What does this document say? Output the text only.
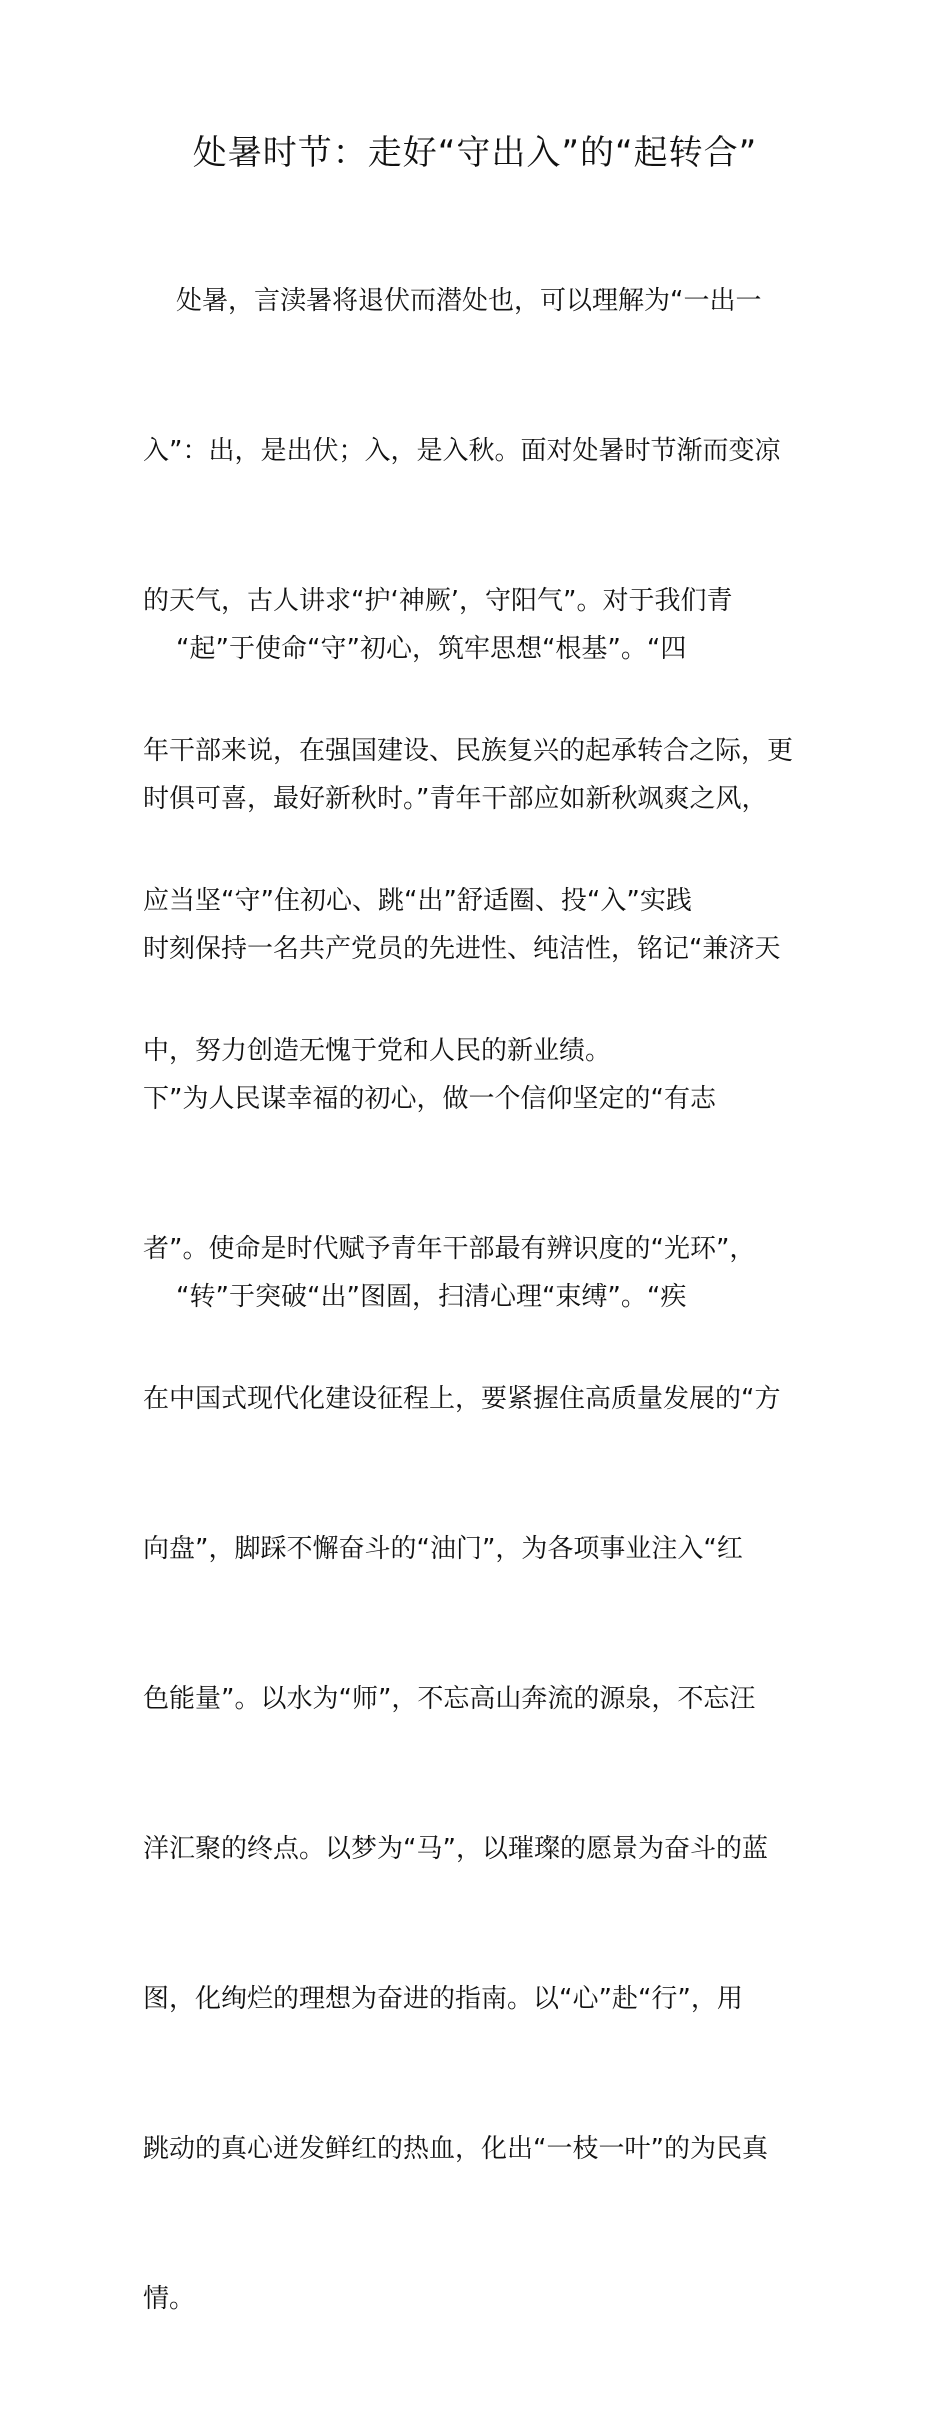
处暑时节：走好“守出入”的“起转合”

处暑，言渎暑将退伏而潜处也，可以理解为“一出一

入”：出，是出伏；入，是入秋。面对处暑时节渐而变凉

的天气，古人讲求“护‘神厥’，守阳气”。对于我们青

年干部来说，在强国建设、民族复兴的起承转合之际，更

应当坚“守”住初心、跳“出”舒适圈、投“入”实践

中，努力创造无愧于党和人民的新业绩。

“起”于使命“守”初心，筑牢思想“根基”。“四

时俱可喜，最好新秋时。”青年干部应如新秋飒爽之风，

时刻保持一名共产党员的先进性、纯洁性，铭记“兼济天

下”为人民谋幸福的初心，做一个信仰坚定的“有志

者”。使命是时代赋予青年干部最有辨识度的“光环”，

在中国式现代化建设征程上，要紧握住高质量发展的“方

向盘”，脚踩不懈奋斗的“油门”，为各项事业注入“红

色能量”。以水为“师”，不忘高山奔流的源泉，不忘汪

洋汇聚的终点。以梦为“马”，以璀璨的愿景为奋斗的蓝

图，化绚烂的理想为奋进的指南。以“心”赴“行”，用

跳动的真心迸发鲜红的热血，化出“一枝一叶”的为民真

情。

“转”于突破“出”图圄，扫清心理“束缚”。“疾
